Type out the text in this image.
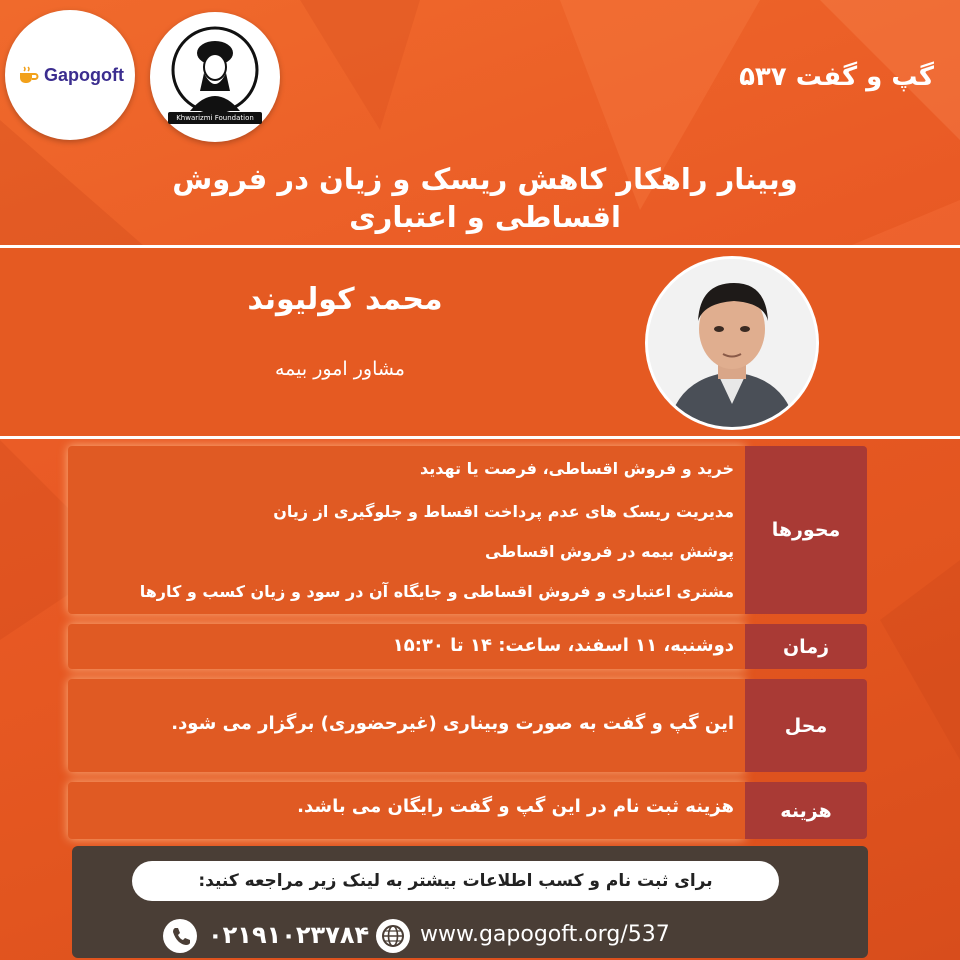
Gapogoft
Khwarizmi Foundation
گپ و گفت ۵۳۷
وبینار راهکار کاهش ریسک و زیان در فروش
اقساطی و اعتباری
محمد کولیوند
مشاور امور بیمه
محورها
خرید و فروش اقساطی، فرصت یا تهدید
مدیریت ریسک های عدم پرداخت اقساط و جلوگیری از زیان
پوشش بیمه در فروش اقساطی
مشتری اعتباری و فروش اقساطی و جایگاه آن در سود و زیان کسب و کارها
زمان
دوشنبه، ۱۱ اسفند، ساعت: ۱۴ تا ۱۵:۳۰
محل
این گپ و گفت به صورت وبیناری (غیرحضوری) برگزار می شود.
هزینه
هزینه ثبت نام در این گپ و گفت رایگان می باشد.
برای ثبت نام و کسب اطلاعات بیشتر به لینک زیر مراجعه کنید:
۰۲۱۹۱۰۲۳۷۸۴ www.gapogoft.org/537
